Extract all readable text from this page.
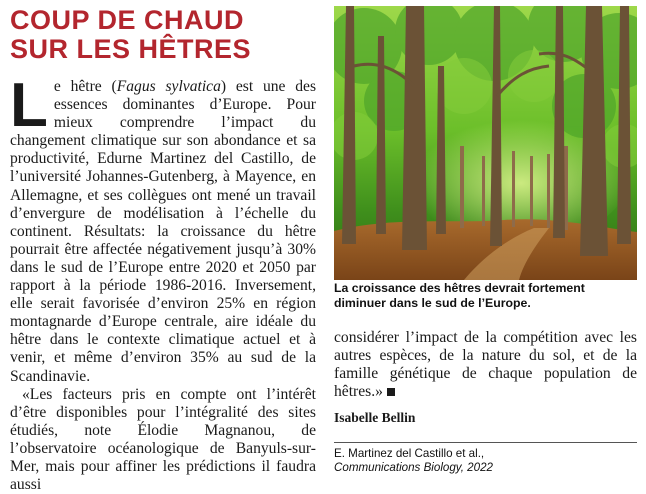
COUP DE CHAUD
SUR LES HÊTRES

Le hêtre (Fagus sylvatica) est une des essences dominantes d’Europe. Pour mieux comprendre l’impact du changement climatique sur son abondance et sa productivité, Edurne Martinez del Castillo, de l’université Johannes-Gutenberg, à Mayence, en Allemagne, et ses collègues ont mené un travail d’envergure de modélisation à l’échelle du continent. Résultats: la croissance du hêtre pourrait être affectée négativement jusqu’à 30% dans le sud de l’Europe entre 2020 et 2050 par rapport à la période 1986-2016. Inversement, elle serait favorisée d’environ 25% en région montagnarde d’Europe centrale, aire idéale du hêtre dans le contexte climatique actuel et à venir, et même d’environ 35% au sud de la Scandinavie.

«Les facteurs pris en compte ont l’intérêt d’être disponibles pour l’intégralité des sites étudiés, note Élodie Magnanou, de l’observatoire océanologique de Banyuls-sur-Mer, mais pour affiner les prédictions il faudra aussi

La croissance des hêtres devrait fortement diminuer dans le sud de l’Europe.

considérer l’impact de la compétition avec les autres espèces, de la nature du sol, et de la famille génétique de chaque population de hêtres.»

Isabelle Bellin

E. Martinez del Castillo et al.,
Communications Biology, 2022
